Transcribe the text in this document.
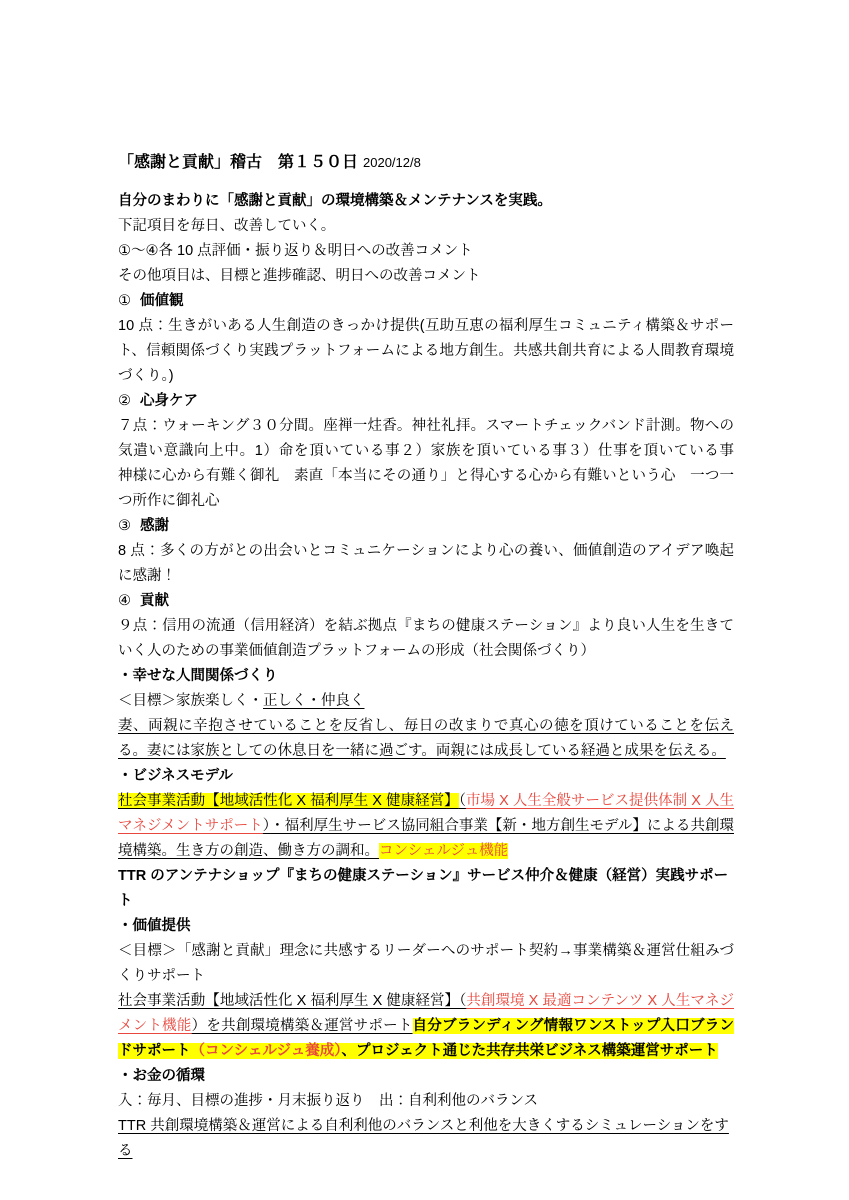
「感謝と貢献」稽古　第１５０日 2020/12/8
自分のまわりに「感謝と貢献」の環境構築＆メンテナンスを実践。
下記項目を毎日、改善していく。
①〜④各 10 点評価・振り返り＆明日への改善コメント
その他項目は、目標と進捗確認、明日への改善コメント
① 価値観
10 点：生きがいある人生創造のきっかけ提供(互助互恵の福利厚生コミュニティ構築＆サポート、信頼関係づくり実践プラットフォームによる地方創生。共感共創共育による人間教育環境づくり。)
② 心身ケア
７点：ウォーキング３０分間。座禅一炷香。神社礼拝。スマートチェックバンド計測。物への気遣い意識向上中。1）命を頂いている事２）家族を頂いている事３）仕事を頂いている事　神様に心から有難く御礼　素直「本当にその通り」と得心する心から有難いという心　一つ一つ所作に御礼心
③ 感謝
8 点：多くの方がとの出会いとコミュニケーションにより心の養い、価値創造のアイデア喚起に感謝！
④ 貢献
９点：信用の流通（信用経済）を結ぶ拠点『まちの健康ステーション』より良い人生を生きていく人のための事業価値創造プラットフォームの形成（社会関係づくり）
・幸せな人間関係づくり
＜目標＞家族楽しく・正しく・仲良く
妻、両親に辛抱させていることを反省し、毎日の改まりで真心の徳を頂けていることを伝える。妻には家族としての休息日を一緒に過ごす。両親には成長している経過と成果を伝える。
・ビジネスモデル
社会事業活動【地域活性化 X 福利厚生 X 健康経営】（市場 X 人生全般サービス提供体制 X 人生マネジメントサポート）・福利厚生サービス協同組合事業【新・地方創生モデル】による共創環境構築。生き方の創造、働き方の調和。コンシェルジュ機能
TTR のアンテナショップ『まちの健康ステーション』サービス仲介＆健康（経営）実践サポート
・価値提供
＜目標＞「感謝と貢献」理念に共感するリーダーへのサポート契約→事業構築＆運営仕組みづくりサポート
社会事業活動【地域活性化 X 福利厚生 X 健康経営】（共創環境 X 最適コンテンツ X 人生マネジメント機能）を共創環境構築＆運営サポート自分ブランディング情報ワンストップ入口ブランドサポート（コンシェルジュ養成）、プロジェクト通じた共存共栄ビジネス構築運営サポート
・お金の循環
入：毎月、目標の進捗・月末振り返り　出：自利利他のバランス
TTR 共創環境構築＆運営による自利利他のバランスと利他を大きくするシミュレーションをする
